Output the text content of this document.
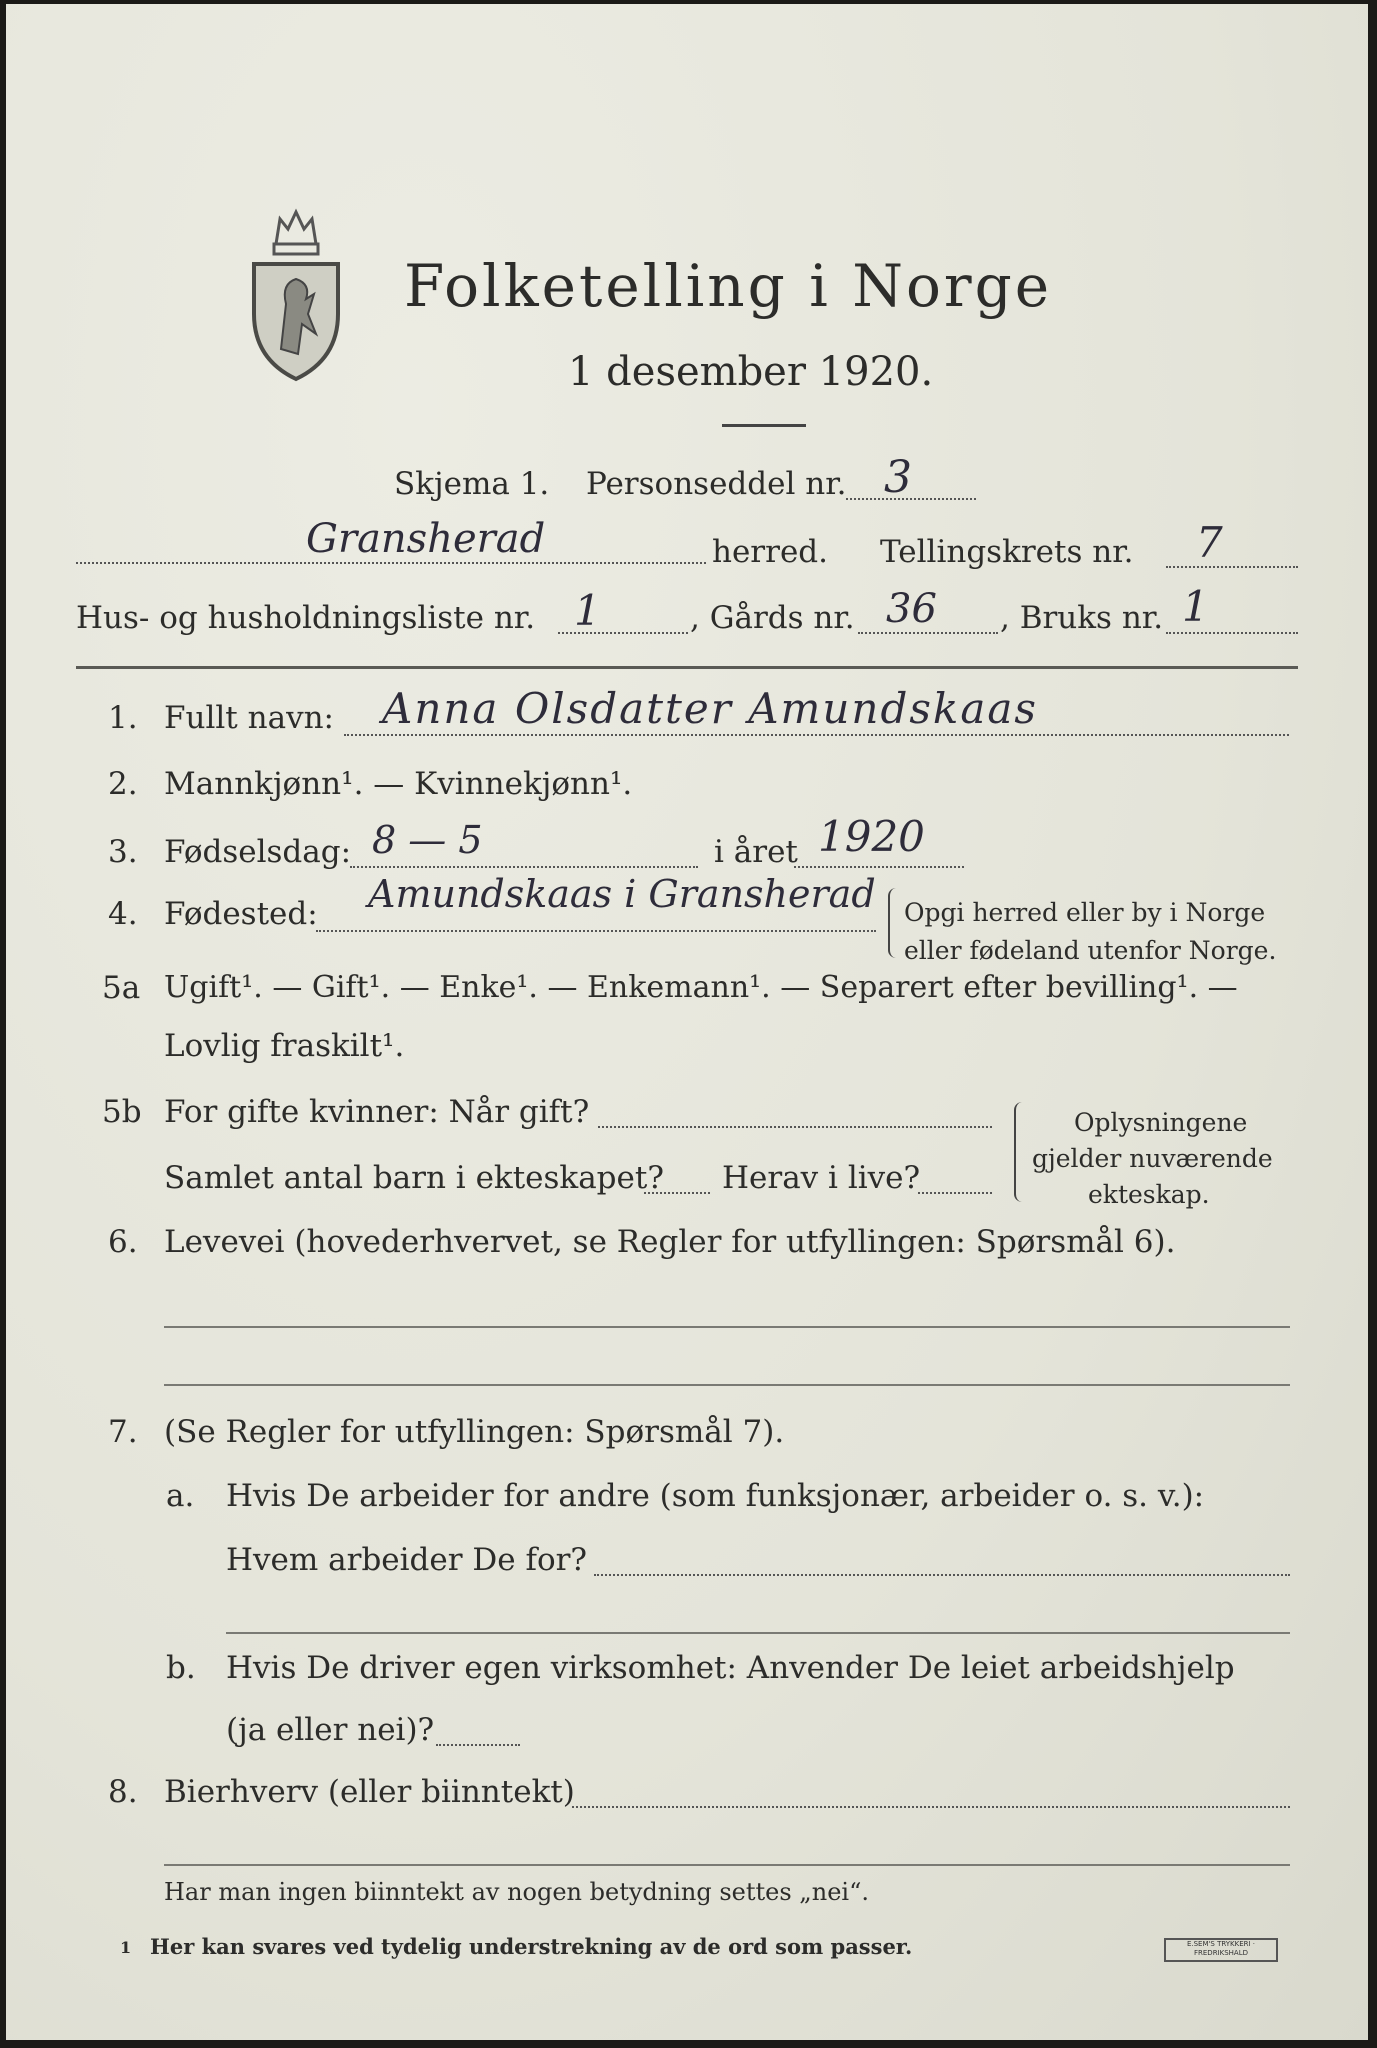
Folketelling i Norge
1 desember 1920.
Skjema 1. Personseddel nr. 3
Gransherad	herred. Tellingskrets nr. 7
Hus- og husholdningsliste nr. 1	, Gårds nr. 36 , Bruks nr. 1
1. Fullt navn: Anna Olsdatter Amundskaas
2. Mannkjønn¹. — Kvinnekjønn¹.
3. Fødselsdag: 8 — 5	i året 1920
4. Fødested: Amundskaas i Gransherad Opgi herred eller by i Norge
eller fødeland utenfor Norge.
5a Ugift¹. — Gift¹. — Enke¹. — Enkemann¹. — Separert efter bevilling¹. —
Lovlig fraskilt¹.
5b For gifte kvinner: Når gift?
Samlet antal barn i ekteskapet? Herav i live?
Oplysningene
gjelder nuværende
ekteskap.
6. Levevei (hovederhvervet, se Regler for utfyllingen: Spørsmål 6).
7. (Se Regler for utfyllingen: Spørsmål 7).
a. Hvis De arbeider for andre (som funksjonær, arbeider o. s. v.):
Hvem arbeider De for?
b. Hvis De driver egen virksomhet: Anvender De leiet arbeidshjelp
(ja eller nei)?
8. Bierhverv (eller biinntekt)
Har man ingen biinntekt av nogen betydning settes „nei“.
1 Her kan svares ved tydelig understrekning av de ord som passer.	E.SEM'S TRYKKERI · FREDRIKSHALD
